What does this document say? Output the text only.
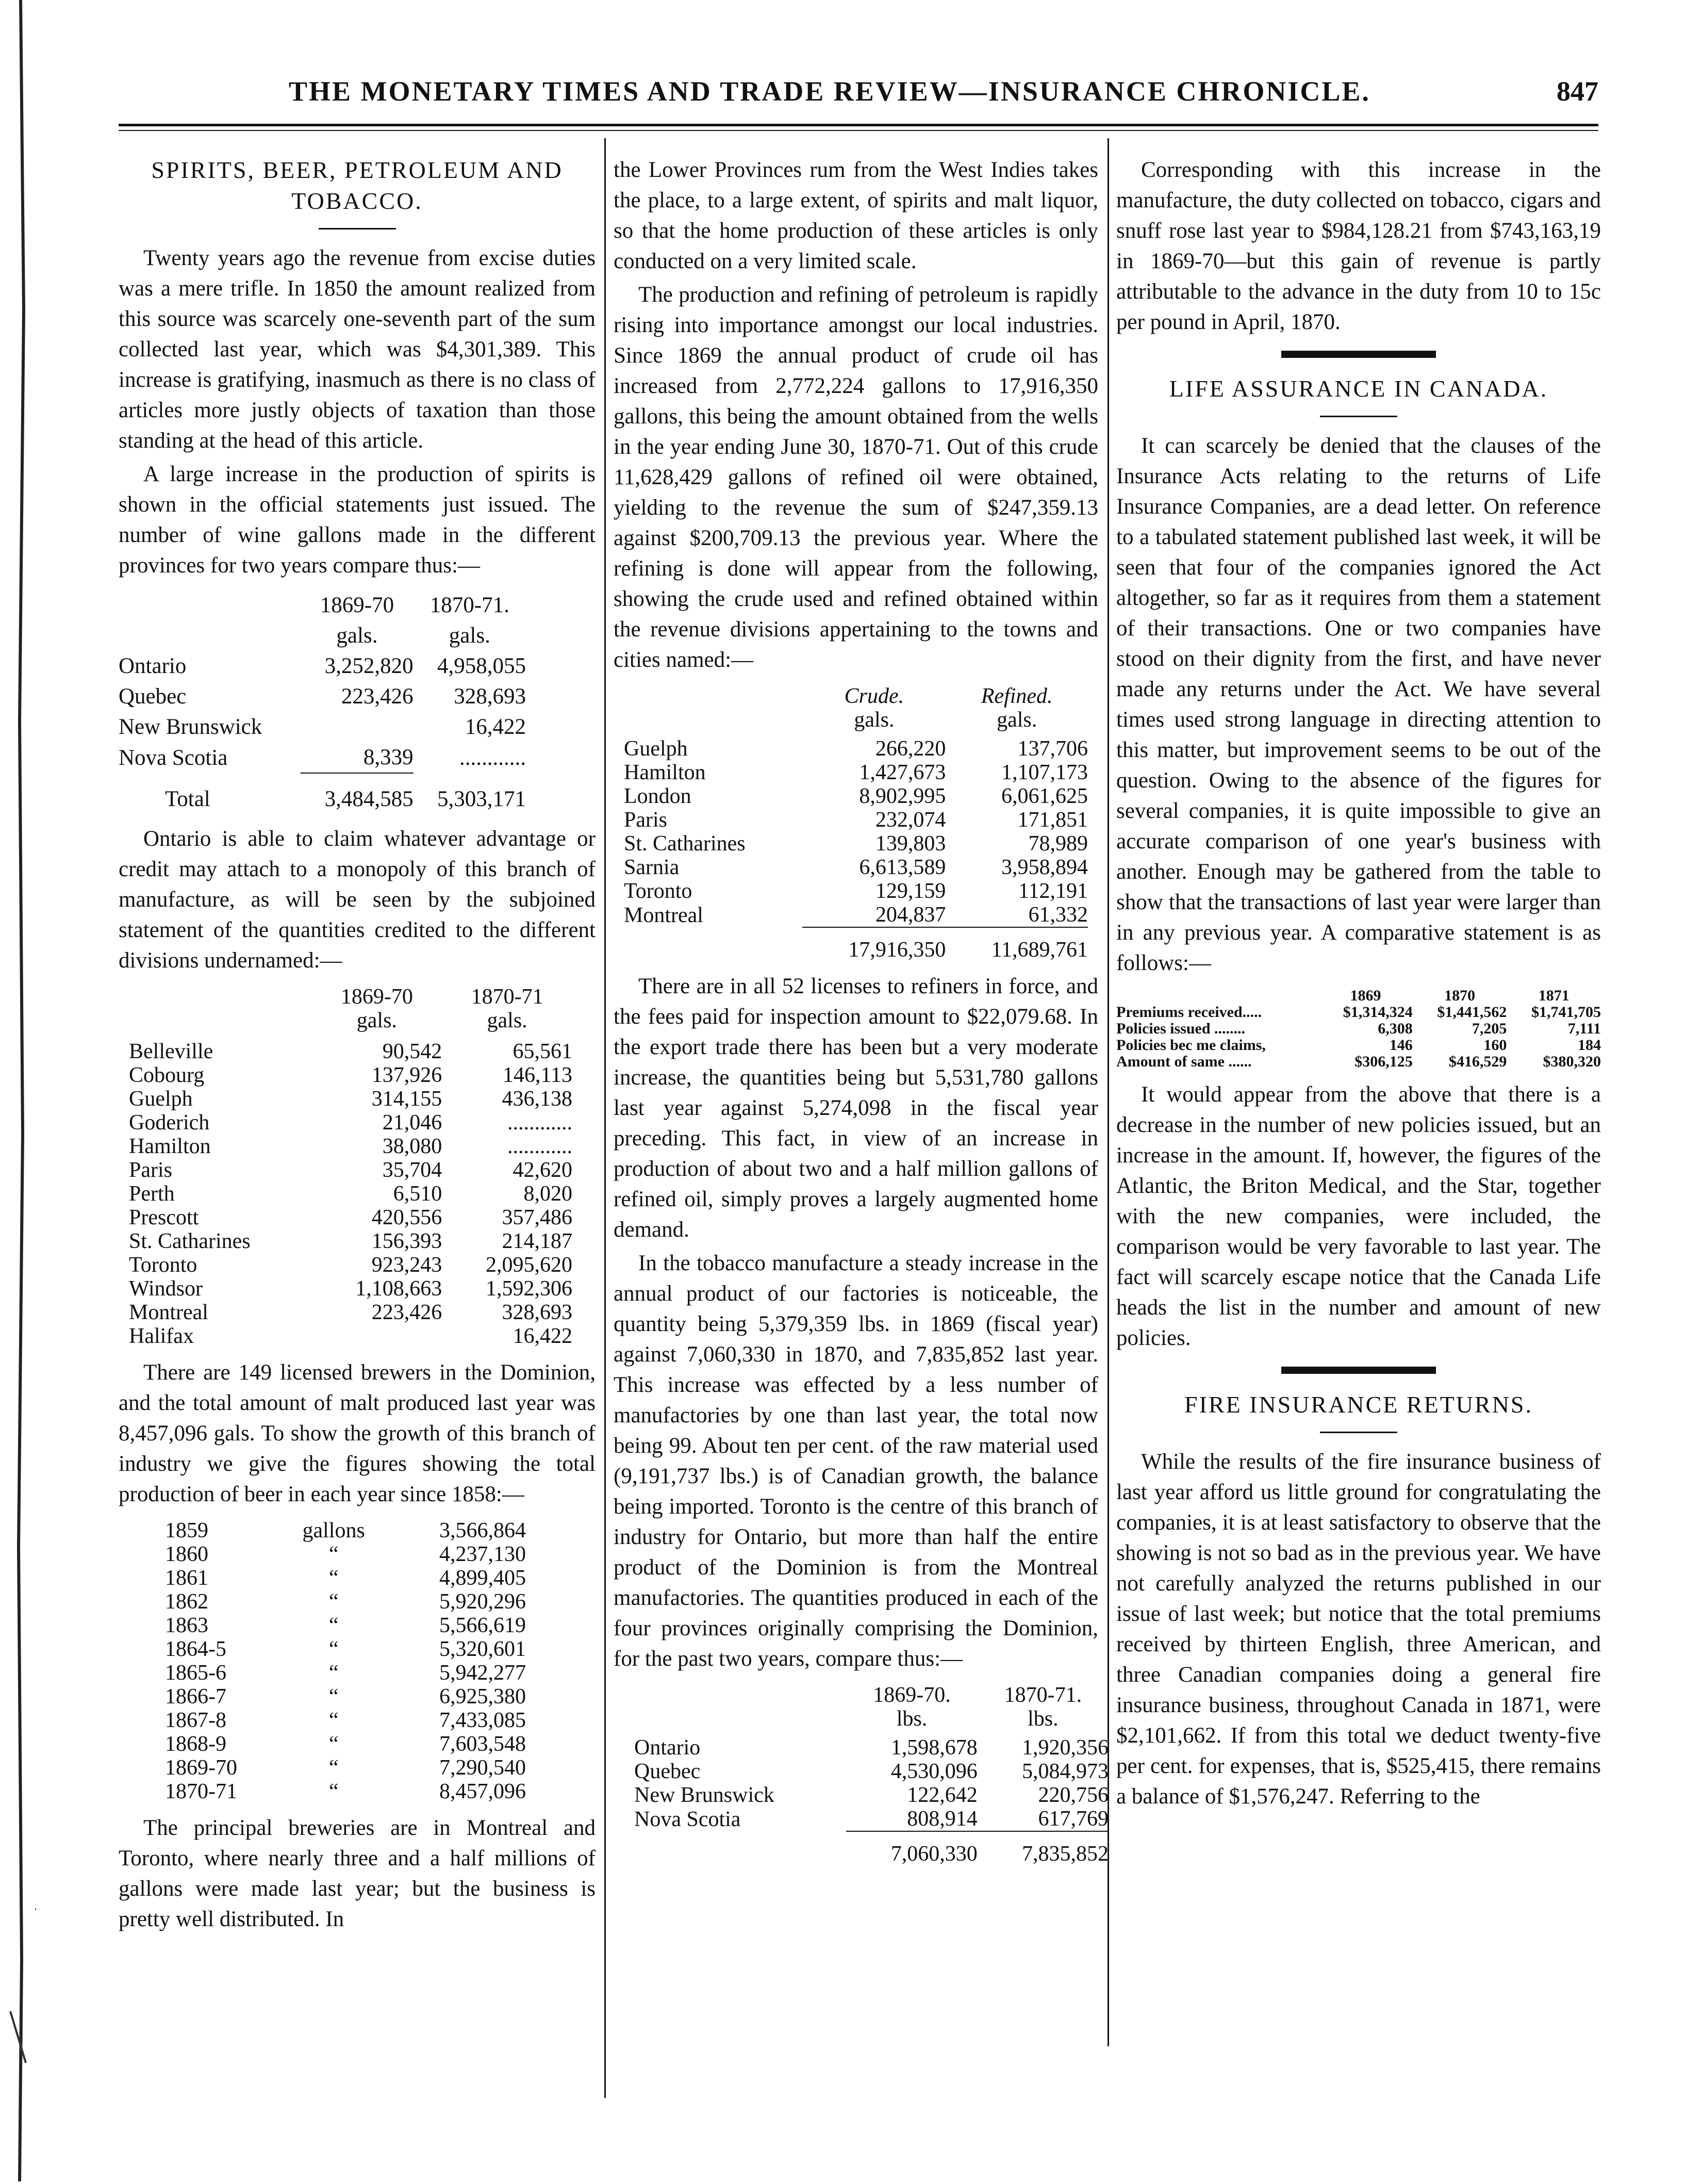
THE MONETARY TIMES AND TRADE REVIEW—INSURANCE CHRONICLE.	847
SPIRITS, BEER, PETROLEUM AND TOBACCO.

Twenty years ago the revenue from excise duties was a mere trifle. In 1850 the amount realized from this source was scarcely one-seventh part of the sum collected last year, which was $4,301,389. This increase is gratifying, inasmuch as there is no class of articles more justly objects of taxation than those standing at the head of this article.

A large increase in the production of spirits is shown in the official statements just issued. The number of wine gallons made in the different provinces for two years compare thus:—

	1869-70	1870-71.
	gals.	gals.
Ontario	3,252,820	4,958,055
Quebec	223,426	328,693
New Brunswick		16,422
Nova Scotia	8,339	............
Total	3,484,585	5,303,171

Ontario is able to claim whatever advantage or credit may attach to a monopoly of this branch of manufacture, as will be seen by the subjoined statement of the quantities credited to the different divisions undernamed:—

	1869-70	1870-71
	gals.	gals.
Belleville	90,542	65,561
Cobourg	137,926	146,113
Guelph	314,155	436,138
Goderich	21,046	............
Hamilton	38,080	............
Paris	35,704	42,620
Perth	6,510	8,020
Prescott	420,556	357,486
St. Catharines	156,393	214,187
Toronto	923,243	2,095,620
Windsor	1,108,663	1,592,306
Montreal	223,426	328,693
Halifax		16,422

There are 149 licensed brewers in the Dominion, and the total amount of malt produced last year was 8,457,096 gals. To show the growth of this branch of industry we give the figures showing the total production of beer in each year since 1858:—

1859	gallons	3,566,864
1860	“	4,237,130
1861	“	4,899,405
1862	“	5,920,296
1863	“	5,566,619
1864-5	“	5,320,601
1865-6	“	5,942,277
1866-7	“	6,925,380
1867-8	“	7,433,085
1868-9	“	7,603,548
1869-70	“	7,290,540
1870-71	“	8,457,096

The principal breweries are in Montreal and Toronto, where nearly three and a half millions of gallons were made last year; but the business is pretty well distributed. In

the Lower Provinces rum from the West Indies takes the place, to a large extent, of spirits and malt liquor, so that the home production of these articles is only conducted on a very limited scale.

The production and refining of petroleum is rapidly rising into importance amongst our local industries. Since 1869 the annual product of crude oil has increased from 2,772,224 gallons to 17,916,350 gallons, this being the amount obtained from the wells in the year ending June 30, 1870-71. Out of this crude 11,628,429 gallons of refined oil were obtained, yielding to the revenue the sum of $247,359.13 against $200,709.13 the previous year. Where the refining is done will appear from the following, showing the crude used and refined obtained within the revenue divisions appertaining to the towns and cities named:—

	Crude.	Refined.
	gals.	gals.
Guelph	266,220	137,706
Hamilton	1,427,673	1,107,173
London	8,902,995	6,061,625
Paris	232,074	171,851
St. Catharines	139,803	78,989
Sarnia	6,613,589	3,958,894
Toronto	129,159	112,191
Montreal	204,837	61,332
	17,916,350	11,689,761

There are in all 52 licenses to refiners in force, and the fees paid for inspection amount to $22,079.68. In the export trade there has been but a very moderate increase, the quantities being but 5,531,780 gallons last year against 5,274,098 in the fiscal year preceding. This fact, in view of an increase in production of about two and a half million gallons of refined oil, simply proves a largely augmented home demand.

In the tobacco manufacture a steady increase in the annual product of our factories is noticeable, the quantity being 5,379,359 lbs. in 1869 (fiscal year) against 7,060,330 in 1870, and 7,835,852 last year. This increase was effected by a less number of manufactories by one than last year, the total now being 99. About ten per cent. of the raw material used (9,191,737 lbs.) is of Canadian growth, the balance being imported. Toronto is the centre of this branch of industry for Ontario, but more than half the entire product of the Dominion is from the Montreal manufactories. The quantities produced in each of the four provinces originally comprising the Dominion, for the past two years, compare thus:—

	1869-70.	1870-71.
	lbs.	lbs.
Ontario	1,598,678	1,920,356
Quebec	4,530,096	5,084,973
New Brunswick	122,642	220,756
Nova Scotia	808,914	617,769
	7,060,330	7,835,852

Corresponding with this increase in the manufacture, the duty collected on tobacco, cigars and snuff rose last year to $984,128.21 from $743,163,19 in 1869-70—but this gain of revenue is partly attributable to the advance in the duty from 10 to 15c per pound in April, 1870.

LIFE ASSURANCE IN CANADA.

It can scarcely be denied that the clauses of the Insurance Acts relating to the returns of Life Insurance Companies, are a dead letter. On reference to a tabulated statement published last week, it will be seen that four of the companies ignored the Act altogether, so far as it requires from them a statement of their transactions. One or two companies have stood on their dignity from the first, and have never made any returns under the Act. We have several times used strong language in directing attention to this matter, but improvement seems to be out of the question. Owing to the absence of the figures for several companies, it is quite impossible to give an accurate comparison of one year's business with another. Enough may be gathered from the table to show that the transactions of last year were larger than in any previous year. A comparative statement is as follows:—

	1869	1870	1871
Premiums received.....	$1,314,324	$1,441,562	$1,741,705
Policies issued ........	6,308	7,205	7,111
Policies bec me claims,	146	160	184
Amount of same ......	$306,125	$416,529	$380,320

It would appear from the above that there is a decrease in the number of new policies issued, but an increase in the amount. If, however, the figures of the Atlantic, the Briton Medical, and the Star, together with the new companies, were included, the comparison would be very favorable to last year. The fact will scarcely escape notice that the Canada Life heads the list in the number and amount of new policies.

FIRE INSURANCE RETURNS.

While the results of the fire insurance business of last year afford us little ground for congratulating the companies, it is at least satisfactory to observe that the showing is not so bad as in the previous year. We have not carefully analyzed the returns published in our issue of last week; but notice that the total premiums received by thirteen English, three American, and three Canadian companies doing a general fire insurance business, throughout Canada in 1871, were $2,101,662. If from this total we deduct twenty-five per cent. for expenses, that is, $525,415, there remains a balance of $1,576,247. Referring to the
